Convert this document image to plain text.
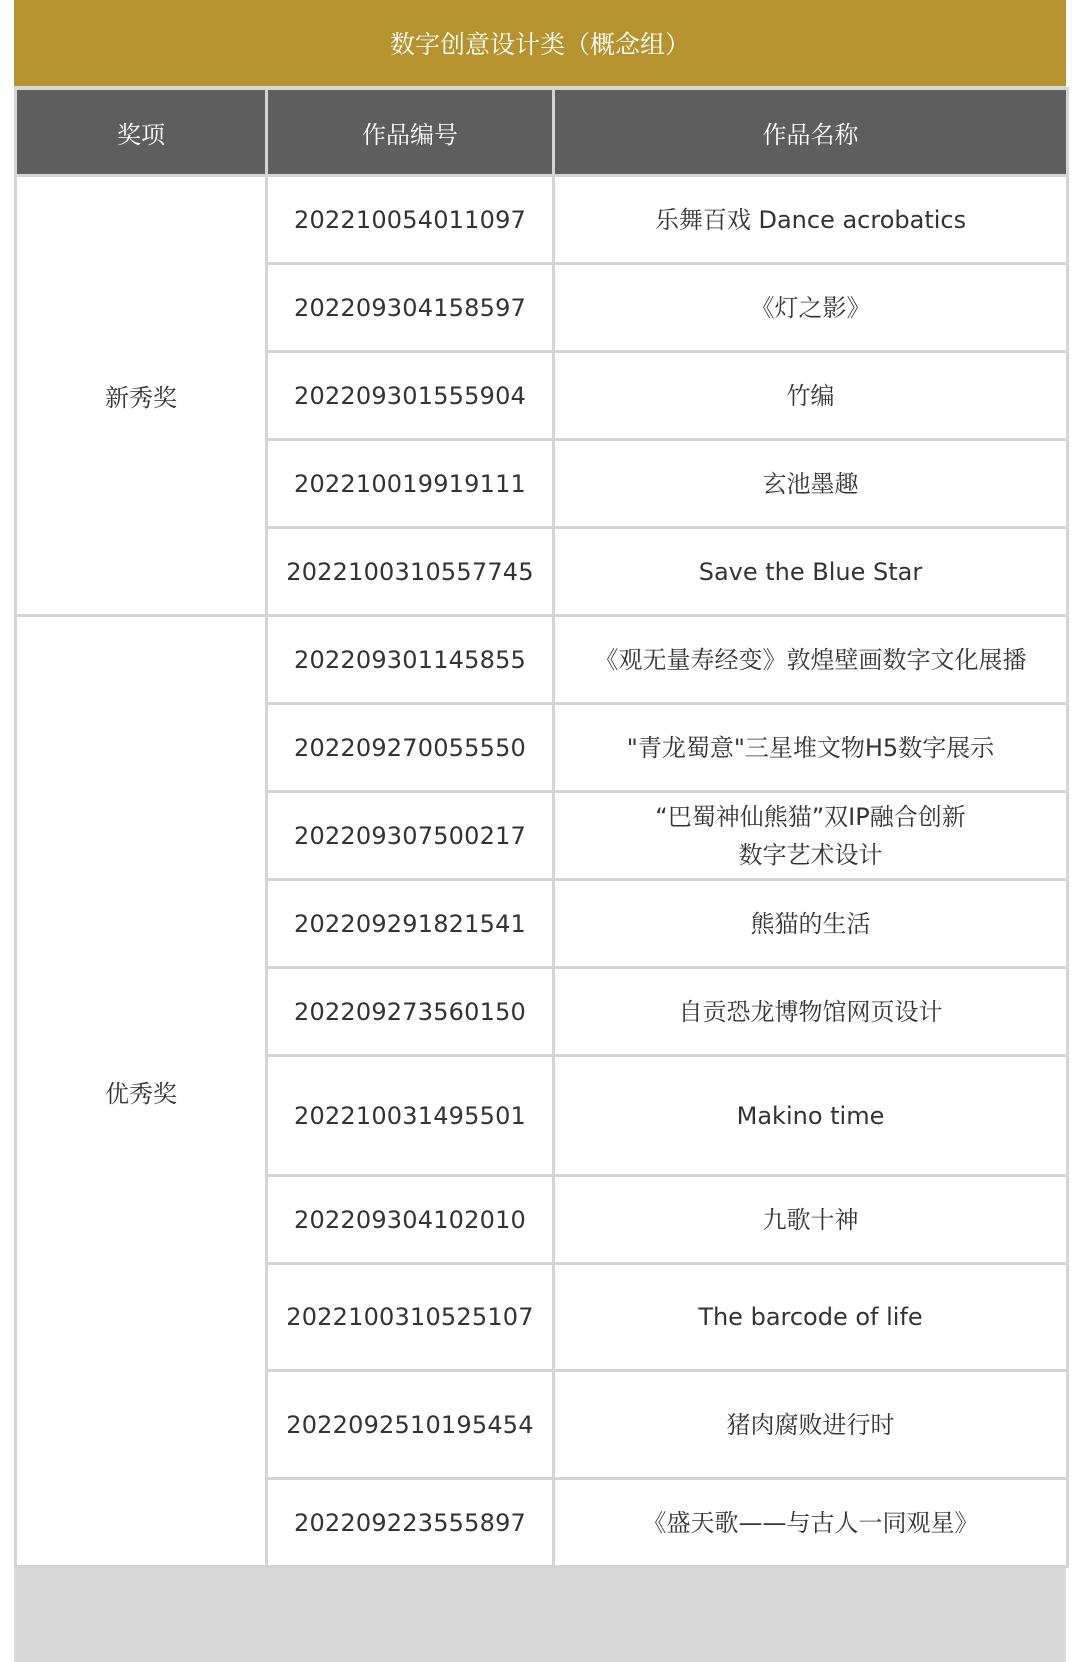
数字创意设计类（概念组）
奖项	作品编号	作品名称
新秀奖	202210054011097	乐舞百戏 Dance acrobatics
	202209304158597	《灯之影》
	202209301555904	竹编
	202210019919111	玄池墨趣
	2022100310557745	Save the Blue Star
优秀奖	202209301145855	《观无量寿经变》敦煌壁画数字文化展播
	202209270055550	"青龙蜀意"三星堆文物H5数字展示
	202209307500217	“巴蜀神仙熊猫”双IP融合创新
数字艺术设计
	202209291821541	熊猫的生活
	202209273560150	自贡恐龙博物馆网页设计
	202210031495501	Makino time
	202209304102010	九歌十神
	2022100310525107	The barcode of life
	2022092510195454	猪肉腐败进行时
	202209223555897	《盛天歌——与古人一同观星》
